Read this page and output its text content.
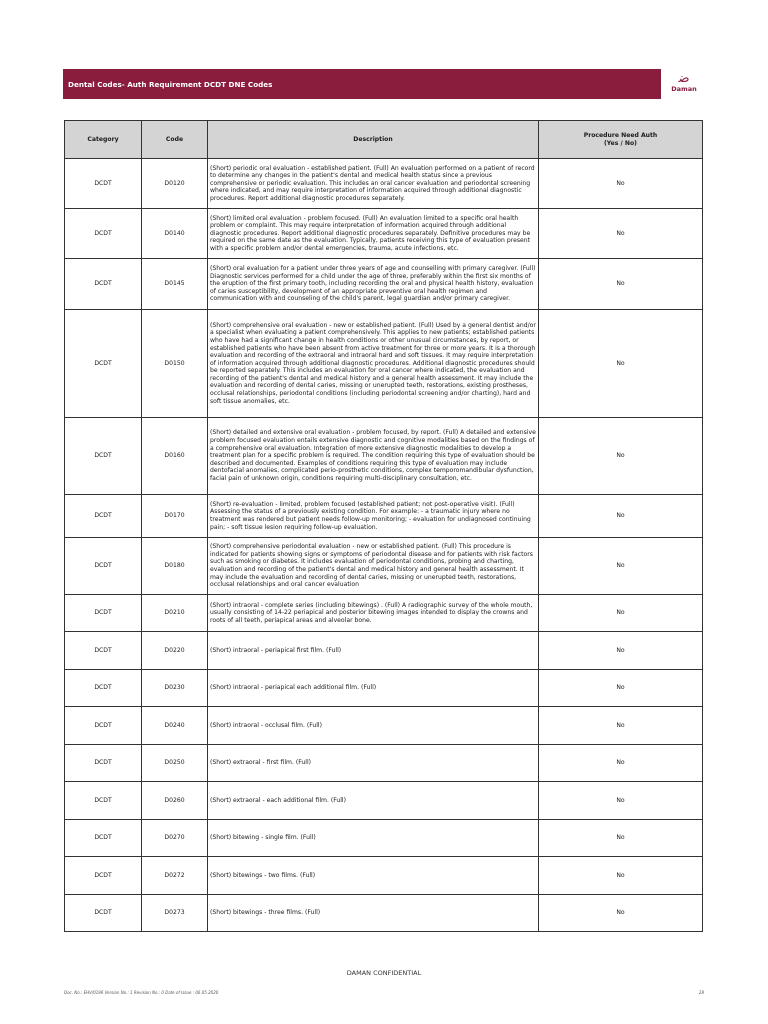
Dental Codes- Auth Requirement DCDT DNE Codes	ﺿ
Daman
Category	Code	Description	Procedure Need Auth
(Yes / No)
DCDT	D0120	(Short) periodic oral evaluation - established patient. (Full) An evaluation performed on a patient of record to determine any changes in the patient's dental and medical health status since a previous comprehensive or periodic evaluation. This includes an oral cancer evaluation and periodontal screening where indicated, and may require interpretation of information acquired through additional diagnostic procedures. Report additional diagnostic procedures separately.	No
DCDT	D0140	(Short) limited oral evaluation - problem focused. (Full) An evaluation limited to a specific oral health problem or complaint. This may require interpretation of information acquired through additional diagnostic procedures. Report additional diagnostic procedures separately. Definitive procedures may be required on the same date as the evaluation. Typically, patients receiving this type of evaluation present with a specific problem and/or dental emergencies, trauma, acute infections, etc.	No
DCDT	D0145	(Short) oral evaluation for a patient under three years of age and counselling with primary caregiver. (Full) Diagnostic services performed for a child under the age of three, preferably within the first six months of the eruption of the first primary tooth, including recording the oral and physical health history, evaluation of caries susceptibility, development of an appropriate preventive oral health regimen and communication with and counseling of the child's parent, legal guardian and/or primary caregiver.	No
DCDT	D0150	(Short) comprehensive oral evaluation - new or established patient. (Full) Used by a general dentist and/or a specialist when evaluating a patient comprehensively. This applies to new patients; established patients who have had a significant change in health conditions or other unusual circumstances, by report, or established patients who have been absent from active treatment for three or more years. It is a thorough evaluation and recording of the extraoral and intraoral hard and soft tissues. It may require interpretation of information acquired through additional diagnostic procedures. Additional diagnostic procedures should be reported separately. This includes an evaluation for oral cancer where indicated, the evaluation and recording of the patient's dental and medical history and a general health assessment. It may include the evaluation and recording of dental caries, missing or unerupted teeth, restorations, existing prostheses, occlusal relationships, periodontal conditions (including periodontal screening and/or charting), hard and soft tissue anomalies, etc.	No
DCDT	D0160	(Short) detailed and extensive oral evaluation - problem focused, by report. (Full) A detailed and extensive problem focused evaluation entails extensive diagnostic and cognitive modalities based on the findings of a comprehensive oral evaluation. Integration of more extensive diagnostic modalities to develop a treatment plan for a specific problem is required. The condition requiring this type of evaluation should be described and documented. Examples of conditions requiring this type of evaluation may include dentofacial anomalies, complicated perio-prosthetic conditions, complex temporomandibular dysfunction, facial pain of unknown origin, conditions requiring multi-disciplinary consultation, etc.	No
DCDT	D0170	(Short) re-evaluation - limited, problem focused (established patient; not post-operative visit). (Full) Assessing the status of a previously existing condition. For example: - a traumatic injury where no treatment was rendered but patient needs follow-up monitoring; - evaluation for undiagnosed continuing pain; - soft tissue lesion requiring follow-up evaluation.	No
DCDT	D0180	(Short) comprehensive periodontal evaluation - new or established patient. (Full) This procedure is indicated for patients showing signs or symptoms of periodontal disease and for patients with risk factors such as smoking or diabetes. It includes evaluation of periodontal conditions, probing and charting, evaluation and recording of the patient's dental and medical history and general health assessment. It may include the evaluation and recording of dental caries, missing or unerupted teeth, restorations, occlusal relationships and oral cancer evaluation	No
DCDT	D0210	(Short) intraoral - complete series (including bitewings) . (Full) A radiographic survey of the whole mouth, usually consisting of 14-22 periapical and posterior bitewing images intended to display the crowns and roots of all teeth, periapical areas and alveolar bone.	No
DCDT	D0220	(Short) intraoral - periapical first film. (Full)	No
DCDT	D0230	(Short) intraoral - periapical each additional film. (Full)	No
DCDT	D0240	(Short) intraoral - occlusal film. (Full)	No
DCDT	D0250	(Short) extraoral - first film. (Full)	No
DCDT	D0260	(Short) extraoral - each additional film. (Full)	No
DCDT	D0270	(Short) bitewing - single film. (Full)	No
DCDT	D0272	(Short) bitewings - two films. (Full)	No
DCDT	D0273	(Short) bitewings - three films. (Full)	No
DAMAN CONFIDENTIAL
Doc. No.: EHV/0196 Version No.: 1 Revision No.: 0 Date of Issue : 06.05.2020	28
